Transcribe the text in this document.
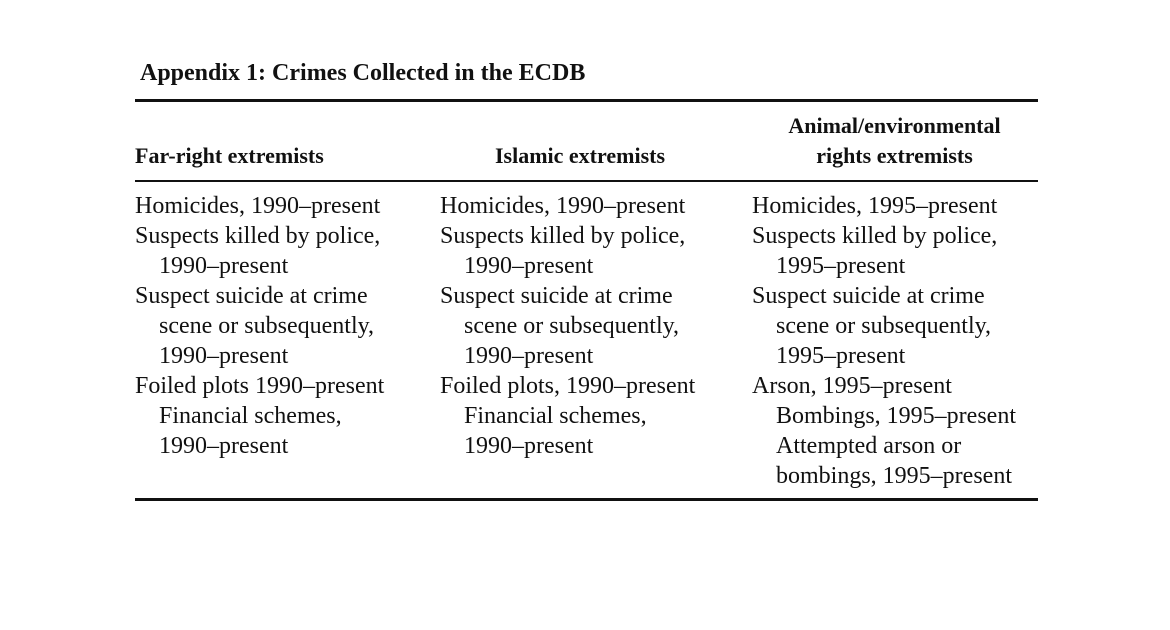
Appendix 1: Crimes Collected in the ECDB
Far-right extremists	Islamic extremists
Animal/environmental
rights extremists
Homicides, 1990–present
Suspects killed by police,
1990–present
Suspect suicide at crime
scene or subsequently,
1990–present
Foiled plots 1990–present
Financial schemes,
1990–present
Homicides, 1990–present
Suspects killed by police,
1990–present
Suspect suicide at crime
scene or subsequently,
1990–present
Foiled plots, 1990–present
Financial schemes,
1990–present
Homicides, 1995–present
Suspects killed by police,
1995–present
Suspect suicide at crime
scene or subsequently,
1995–present
Arson, 1995–present
Bombings, 1995–present
Attempted arson or
bombings, 1995–present
